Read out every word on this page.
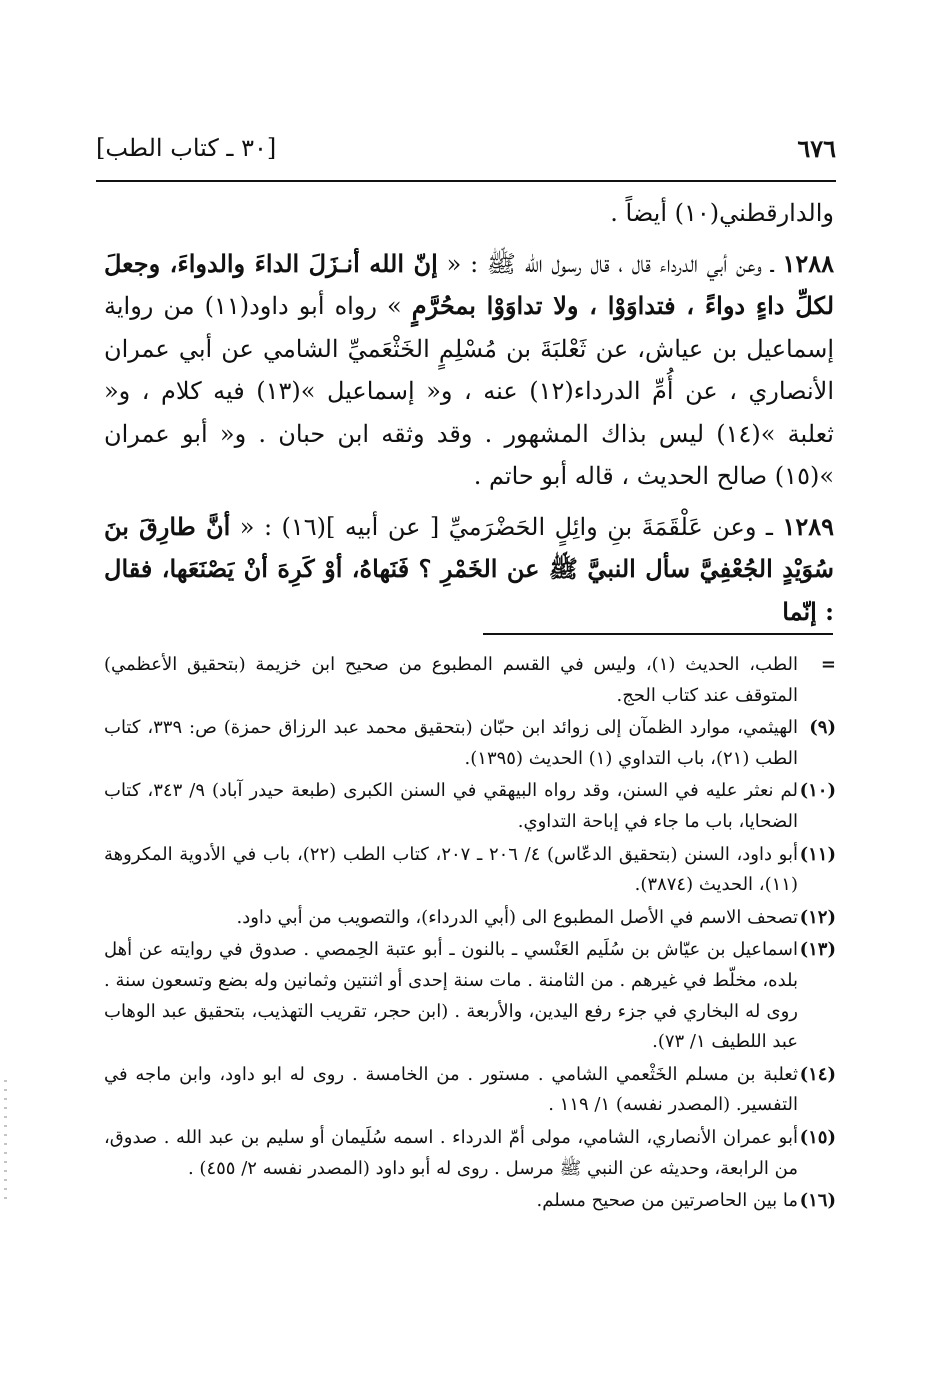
٦٧٦
[٣٠ ـ كتاب الطب]

والدارقطني(١٠) أيضاً .

١٢٨٨ ـ وعن أبي الدرداء قال ، قال رسول الله ﷺ : « إنّ الله أنـزَلَ الداءَ والدواءَ، وجعلَ لكلِّ داءٍ دواءً ، فتداوَوْا ، ولا تداوَوْا بمحُرَّمٍ » رواه أبو داود(١١) من رواية إسماعيل بن عياش، عن ثَعْلبَةَ بن مُسْلِمٍ الخَثْعَميِّ الشامي عن أبي عمران الأنصاري ، عن أُمِّ الدرداء(١٢) عنه ، و« إسماعيل »(١٣) فيه كلام ، و« ثعلبة »(١٤) ليس بذاك المشهور . وقد وثقه ابن حبان . و« أبو عمران »(١٥) صالح الحديث ، قاله أبو حاتم .

١٢٨٩ ـ وعن عَلْقَمَةَ بنِ وائِلٍ الحَضْرَميِّ [ عن أبيه ](١٦) : « أنَّ طارِقَ بنَ سُوَيْدٍ الجُعْفِيَّ سأل النبيَّ ﷺ عن الخَمْرِ ؟ فَنَهاهُ، أوْ كَرِهَ أنْ يَصْنَعَها، فقال : إنّما

=
الطب، الحديث (١)، وليس في القسم المطبوع من صحيح ابن خزيمة (بتحقيق الأعظمي) المتوقف عند كتاب الحج.
(٩)
الهيثمي، موارد الظمآن إلى زوائد ابن حبّان (بتحقيق محمد عبد الرزاق حمزة) ص: ٣٣٩، كتاب الطب (٢١)، باب التداوي (١) الحديث (١٣٩٥).
(١٠)
لم نعثر عليه في السنن، وقد رواه البيهقي في السنن الكبرى (طبعة حيدر آباد) ٩/ ٣٤٣، كتاب الضحايا، باب ما جاء في إباحة التداوي.
(١١)
أبو داود، السنن (بتحقيق الدعّاس) ٤/ ٢٠٦ ـ ٢٠٧، كتاب الطب (٢٢)، باب في الأدوية المكروهة (١١)، الحديث (٣٨٧٤).
(١٢)
تصحف الاسم في الأصل المطبوع الى (أبي الدرداء)، والتصويب من أبي داود.
(١٣)
اسماعيل بن عيّاش بن سُلَيم العَنْسي ـ بالنون ـ أبو عتبة الحِمصي . صدوق في روايته عن أهل بلده، مخلّط في غيرهم . من الثامنة . مات سنة إحدى أو اثنتين وثمانين وله بضع وتسعون سنة . روى له البخاري في جزء رفع اليدين، والأربعة . (ابن حجر، تقريب التهذيب، بتحقيق عبد الوهاب عبد اللطيف ١/ ٧٣).
(١٤)
ثعلبة بن مسلم الخَثْعمي الشامي . مستور . من الخامسة . روى له ابو داود، وابن ماجه في التفسير. (المصدر نفسه) ١/ ١١٩ .
(١٥)
أبو عمران الأنصاري، الشامي، مولى أمّ الدرداء . اسمه سُلَيمان أو سليم بن عبد الله . صدوق، من الرابعة، وحديثه عن النبي ﷺ مرسل . روى له أبو داود (المصدر نفسه ٢/ ٤٥٥) .
(١٦)
ما بين الحاصرتين من صحيح مسلم.
